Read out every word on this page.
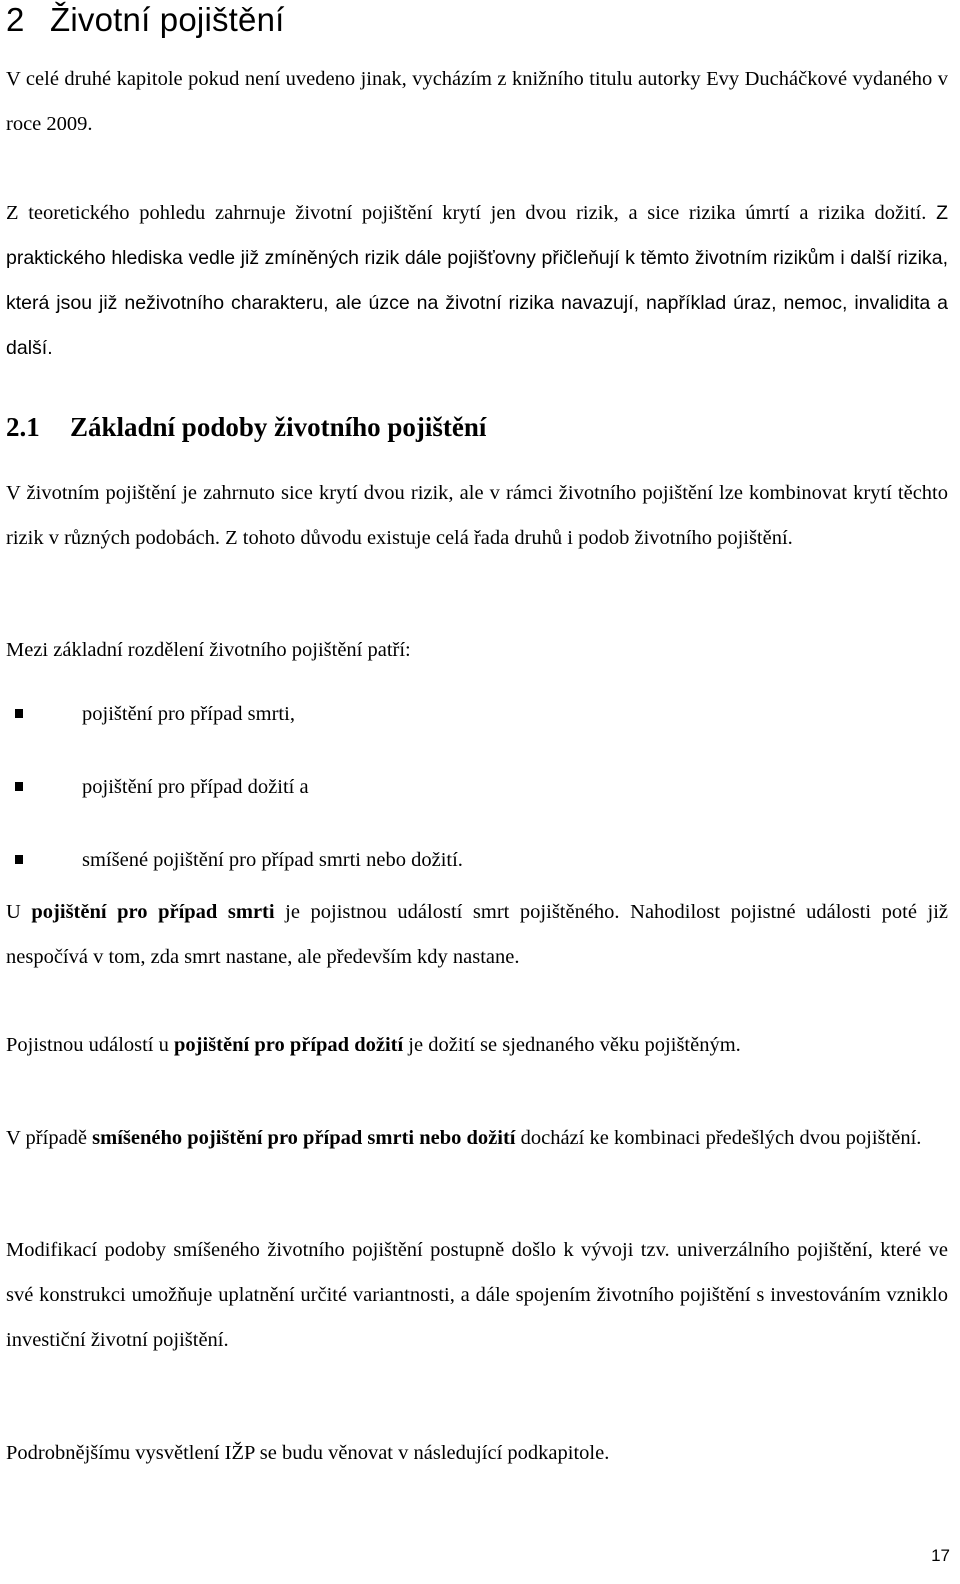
2 Životní pojištění

V celé druhé kapitole pokud není uvedeno jinak, vycházím z knižního titulu autorky Evy Ducháčkové vydaného v roce 2009.

Z teoretického pohledu zahrnuje životní pojištění krytí jen dvou rizik, a sice rizika úmrtí a rizika dožití. Z praktického hlediska vedle již zmíněných rizik dále pojišťovny přičleňují k těmto životním rizikům i další rizika, která jsou již neživotního charakteru, ale úzce na životní rizika navazují, například úraz, nemoc, invalidita a další.

2.1 Základní podoby životního pojištění

V životním pojištění je zahrnuto sice krytí dvou rizik, ale v rámci životního pojištění lze kombinovat krytí těchto rizik v různých podobách. Z tohoto důvodu existuje celá řada druhů i podob životního pojištění.

Mezi základní rozdělení životního pojištění patří:

pojištění pro případ smrti,
pojištění pro případ dožití a
smíšené pojištění pro případ smrti nebo dožití.

U pojištění pro případ smrti je pojistnou událostí smrt pojištěného. Nahodilost pojistné události poté již nespočívá v tom, zda smrt nastane, ale především kdy nastane.

Pojistnou událostí u pojištění pro případ dožití je dožití se sjednaného věku pojištěným.

V případě smíšeného pojištění pro případ smrti nebo dožití dochází ke kombinaci předešlých dvou pojištění.

Modifikací podoby smíšeného životního pojištění postupně došlo k vývoji tzv. univerzálního pojištění, které ve své konstrukci umožňuje uplatnění určité variantnosti, a dále spojením životního pojištění s investováním vzniklo investiční životní pojištění.

Podrobnějšímu vysvětlení IŽP se budu věnovat v následující podkapitole.

17
